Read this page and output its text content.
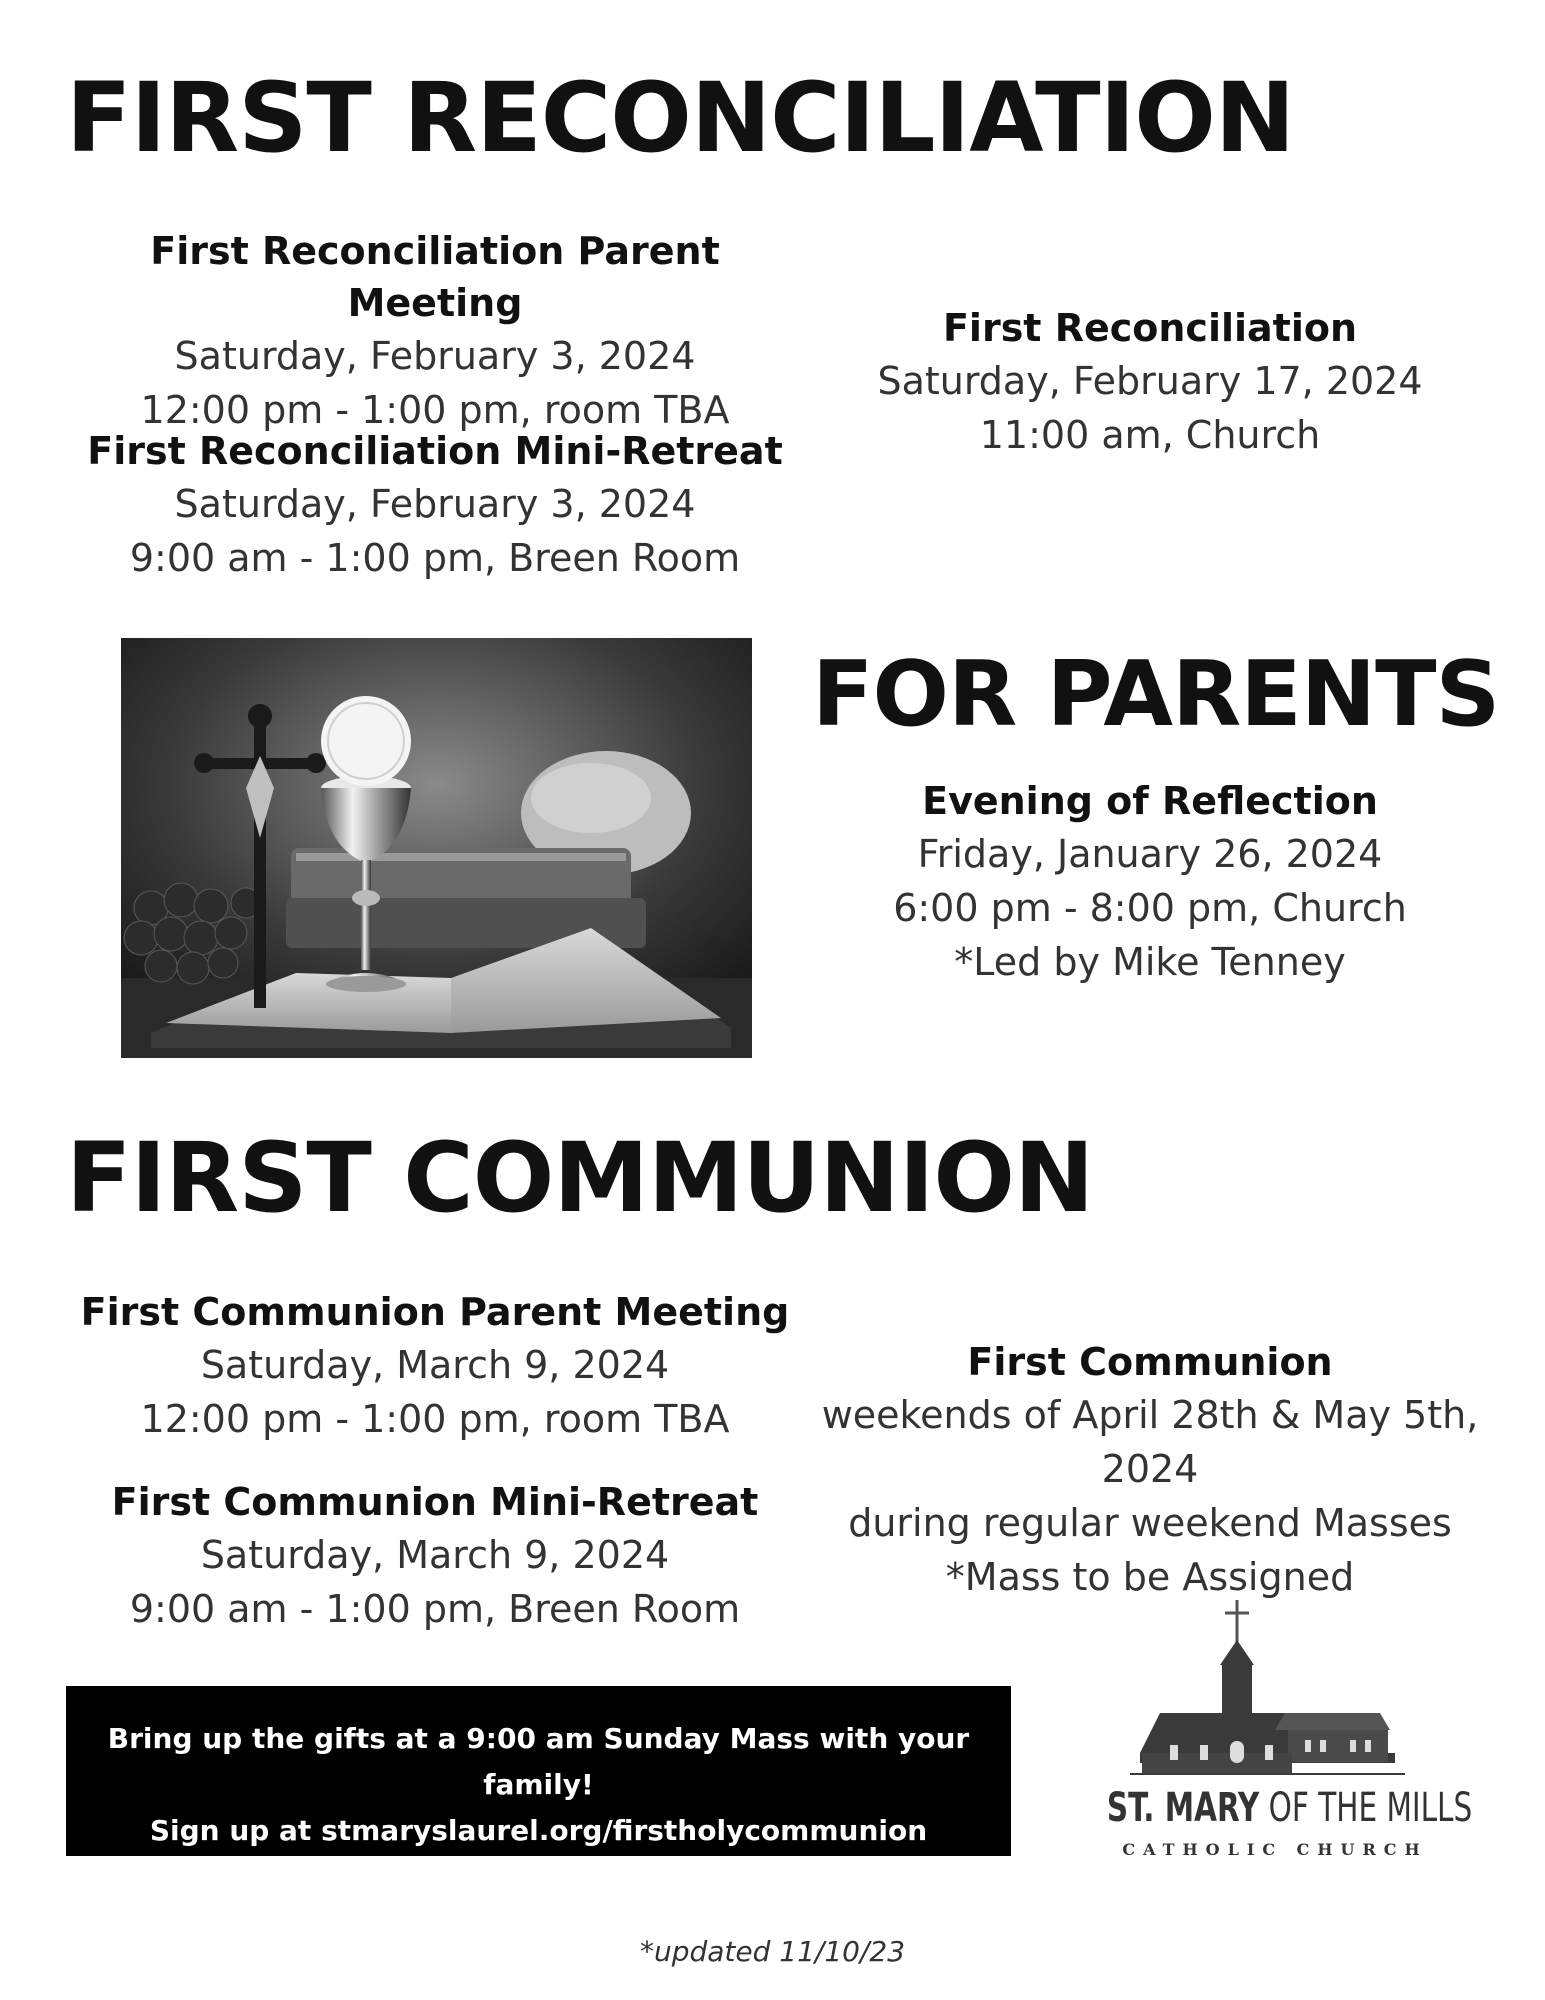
FIRST RECONCILIATION
First Reconciliation Parent Meeting
Saturday, February 3, 2024
12:00 pm - 1:00 pm, room TBA
First Reconciliation Mini-Retreat
Saturday, February 3, 2024
9:00 am - 1:00 pm, Breen Room
First Reconciliation
Saturday, February 17, 2024
11:00 am, Church
FOR PARENTS
Evening of Reflection
Friday, January 26, 2024
6:00 pm - 8:00 pm, Church
*Led by Mike Tenney
FIRST COMMUNION
First Communion Parent Meeting
Saturday, March 9, 2024
12:00 pm - 1:00 pm, room TBA
First Communion Mini-Retreat
Saturday, March 9, 2024
9:00 am - 1:00 pm, Breen Room
First Communion
weekends of April 28th & May 5th, 2024
during regular weekend Masses
*Mass to be Assigned
Bring up the gifts at a 9:00 am Sunday Mass with your family!
Sign up at stmaryslaurel.org/firstholycommunion	ST. MARY OF THE MILLS
CATHOLIC CHURCH
*updated 11/10/23
